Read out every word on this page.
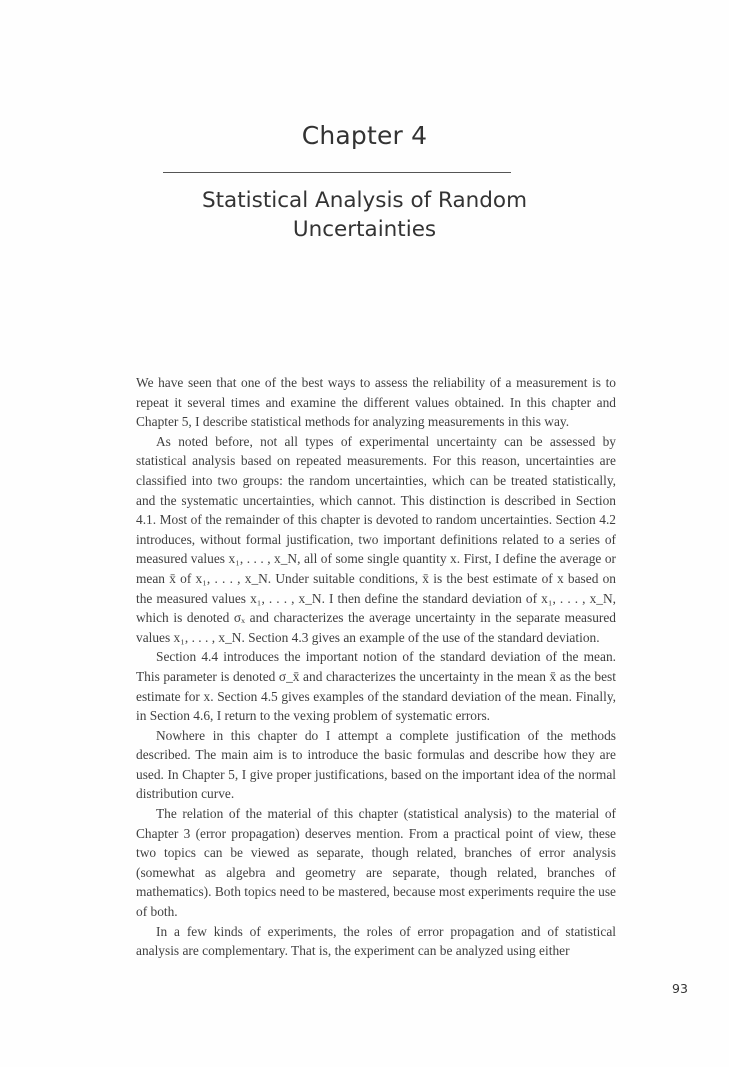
Chapter 4
Statistical Analysis of Random
Uncertainties

We have seen that one of the best ways to assess the reliability of a measurement is to repeat it several times and examine the different values obtained. In this chapter and Chapter 5, I describe statistical methods for analyzing measurements in this way.

As noted before, not all types of experimental uncertainty can be assessed by statistical analysis based on repeated measurements. For this reason, uncertainties are classified into two groups: the random uncertainties, which can be treated statistically, and the systematic uncertainties, which cannot. This distinction is described in Section 4.1. Most of the remainder of this chapter is devoted to random uncertainties. Section 4.2 introduces, without formal justification, two important definitions related to a series of measured values x₁, . . . , x_N, all of some single quantity x. First, I define the average or mean x̄ of x₁, . . . , x_N. Under suitable conditions, x̄ is the best estimate of x based on the measured values x₁, . . . , x_N. I then define the standard deviation of x₁, . . . , x_N, which is denoted σₓ and characterizes the average uncertainty in the separate measured values x₁, . . . , x_N. Section 4.3 gives an example of the use of the standard deviation.

Section 4.4 introduces the important notion of the standard deviation of the mean. This parameter is denoted σ_x̄ and characterizes the uncertainty in the mean x̄ as the best estimate for x. Section 4.5 gives examples of the standard deviation of the mean. Finally, in Section 4.6, I return to the vexing problem of systematic errors.

Nowhere in this chapter do I attempt a complete justification of the methods described. The main aim is to introduce the basic formulas and describe how they are used. In Chapter 5, I give proper justifications, based on the important idea of the normal distribution curve.

The relation of the material of this chapter (statistical analysis) to the material of Chapter 3 (error propagation) deserves mention. From a practical point of view, these two topics can be viewed as separate, though related, branches of error analysis (somewhat as algebra and geometry are separate, though related, branches of mathematics). Both topics need to be mastered, because most experiments require the use of both.

In a few kinds of experiments, the roles of error propagation and of statistical analysis are complementary. That is, the experiment can be analyzed using either

93
